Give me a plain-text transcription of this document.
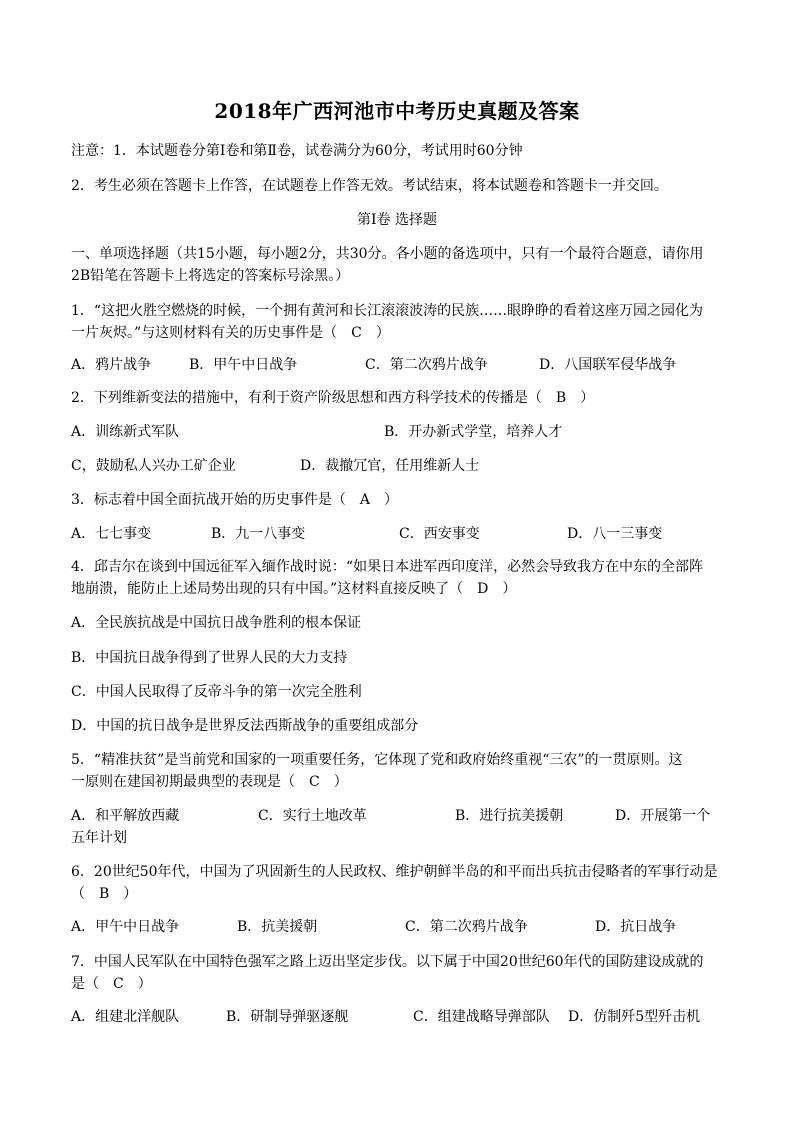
2018年广西河池市中考历史真题及答案
注意：1．本试题卷分第Ⅰ卷和第Ⅱ卷，试卷满分为60分，考试用时60分钟
2．考生必须在答题卡上作答，在试题卷上作答无效。考试结束，将本试题卷和答题卡一并交回。
第Ⅰ卷 选择题
一、单项选择题（共15小题，每小题2分，共30分。各小题的备选项中，只有一个最符合题意，请你用
2B铅笔在答题卡上将选定的答案标号涂黑。）
1．“这把火胜空燃烧的时候，一个拥有黄河和长江滚滚波涛的民族……眼睁睁的看着这座万园之园化为
一片灰烬。”与这则材料有关的历史事件是（　C　）
A．鸦片战争	B．甲午中日战争	C．第二次鸦片战争	D．八国联军侵华战争
2．下列维新变法的措施中，有利于资产阶级思想和西方科学技术的传播是（　B　）
A．训练新式军队	B．开办新式学堂，培养人才
C，鼓励私人兴办工矿企业	D．裁撤冗官，任用维新人士
3．标志着中国全面抗战开始的历史事件是（　A　）
A．七七事变	B．九一八事变	C．西安事变	D．八一三事变
4．邱吉尔在谈到中国远征军入缅作战时说：“如果日本进军西印度洋，必然会导致我方在中东的全部阵
地崩溃，能防止上述局势出现的只有中国。”这材料直接反映了（　D　）
A．全民族抗战是中国抗日战争胜利的根本保证
B．中国抗日战争得到了世界人民的大力支持
C．中国人民取得了反帝斗争的第一次完全胜利
D．中国的抗日战争是世界反法西斯战争的重要组成部分
5．“精准扶贫”是当前党和国家的一项重要任务，它体现了党和政府始终重视“三农”的一贯原则。这
一原则在建国初期最典型的表现是（　C　）
A．和平解放西藏	C．实行土地改革	B．进行抗美援朝	D．开展第一个
五年计划
6．20世纪50年代，中国为了巩固新生的人民政权、维护朝鲜半岛的和平而出兵抗击侵略者的军事行动是
（　B　）
A．甲午中日战争	B．抗美援朝	C．第二次鸦片战争	D．抗日战争
7．中国人民军队在中国特色强军之路上迈出坚定步伐。以下属于中国20世纪60年代的国防建设成就的
是（　C　）
A．组建北洋舰队	B．研制导弹驱逐舰	C．组建战略导弹部队 D．仿制歼5型歼击机
